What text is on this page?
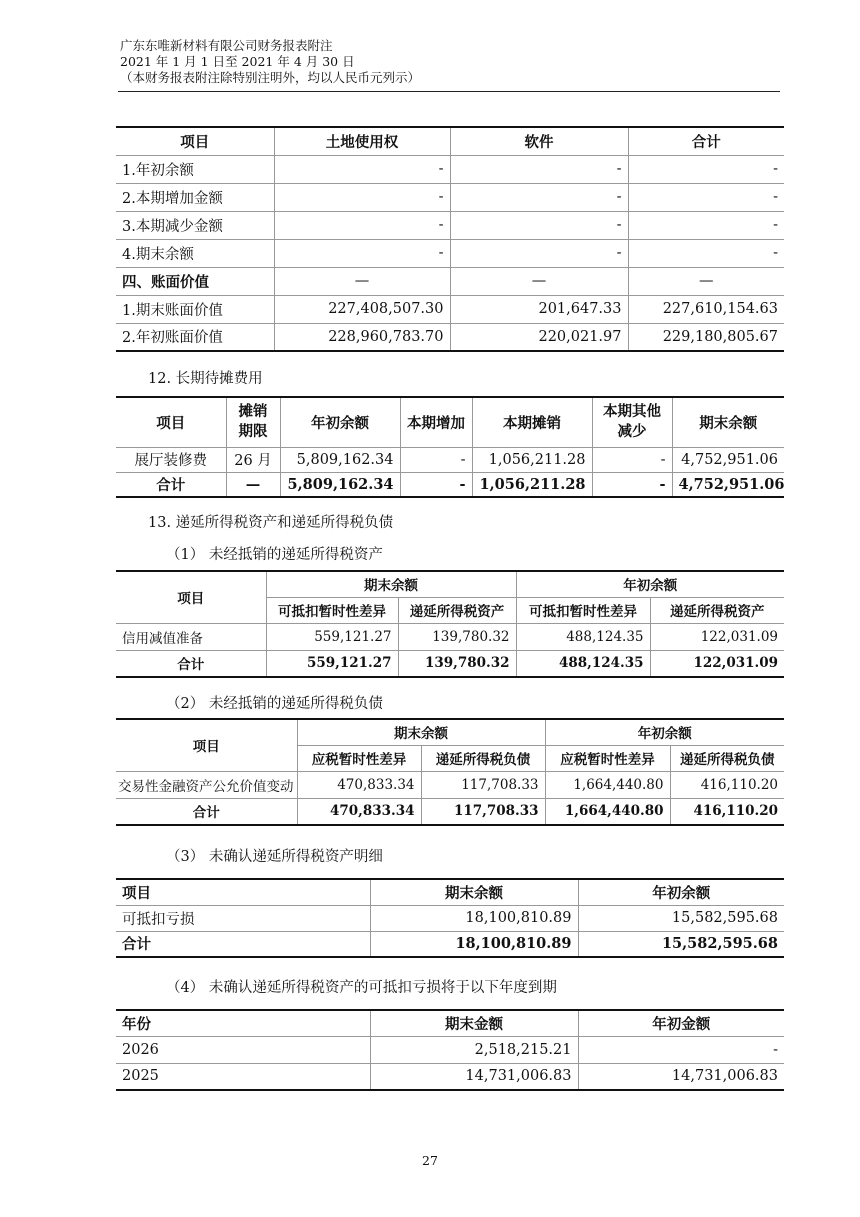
广东东唯新材料有限公司财务报表附注
2021 年 1 月 1 日至 2021 年 4 月 30 日
（本财务报表附注除特别注明外，均以人民币元列示）
项目	土地使用权	软件	合计
1.年初余额	-	-	-
2.本期增加金额	-	-	-
3.本期减少金额	-	-	-
4.期末余额	-	-	-
四、账面价值	—	—	—
1.期末账面价值	227,408,507.30	201,647.33	227,610,154.63
2.年初账面价值	228,960,783.70	220,021.97	229,180,805.67
12. 长期待摊费用
项目	摊销期限	年初余额	本期增加	本期摊销	本期其他减少	期末余额
展厅装修费	26 月	5,809,162.34	-	1,056,211.28	-	4,752,951.06
合计	—	5,809,162.34	-	1,056,211.28	-	4,752,951.06
13. 递延所得税资产和递延所得税负债
（1） 未经抵销的递延所得税资产
项目	期末余额		年初余额	
	可抵扣暂时性差异	递延所得税资产	可抵扣暂时性差异	递延所得税资产
信用减值准备	559,121.27	139,780.32	488,124.35	122,031.09
合计	559,121.27	139,780.32	488,124.35	122,031.09
（2） 未经抵销的递延所得税负债
项目	期末余额		年初余额	
	应税暂时性差异	递延所得税负债	应税暂时性差异	递延所得税负债
交易性金融资产公允价值变动	470,833.34	117,708.33	1,664,440.80	416,110.20
合计	470,833.34	117,708.33	1,664,440.80	416,110.20
（3） 未确认递延所得税资产明细
项目	期末余额	年初余额
可抵扣亏损	18,100,810.89	15,582,595.68
合计	18,100,810.89	15,582,595.68
（4） 未确认递延所得税资产的可抵扣亏损将于以下年度到期
年份	期末金额	年初金额
2026	2,518,215.21	-
2025	14,731,006.83	14,731,006.83
27
